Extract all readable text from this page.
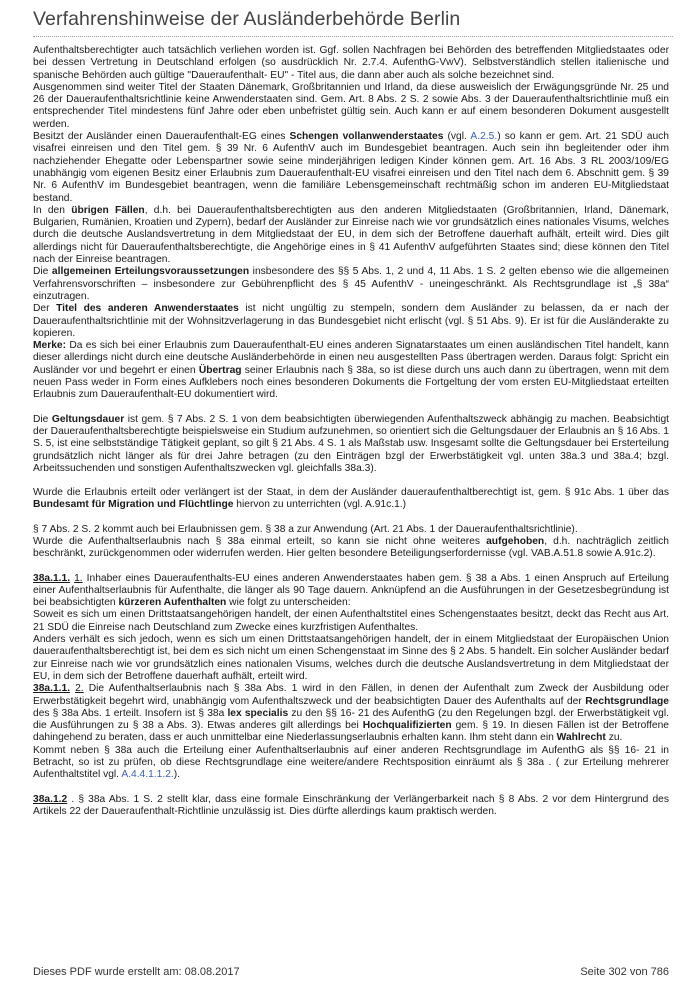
Verfahrenshinweise der Ausländerbehörde Berlin

Aufenthaltsberechtigter auch tatsächlich verliehen worden ist. Ggf. sollen Nachfragen bei Behörden des betreffenden Mitgliedstaates oder bei dessen Vertretung in Deutschland erfolgen (so ausdrücklich Nr. 2.7.4. AufenthG-VwV). Selbstverständlich stellen italienische und spanische Behörden auch gültige "Daueraufenthalt- EU" - Titel aus, die dann aber auch als solche bezeichnet sind.

Ausgenommen sind weiter Titel der Staaten Dänemark, Großbritannien und Irland, da diese ausweislich der Erwägungsgründe Nr. 25 und 26 der Daueraufenthaltsrichtlinie keine Anwenderstaaten sind. Gem. Art. 8 Abs. 2 S. 2 sowie Abs. 3 der Daueraufenthaltsrichtlinie muß ein entsprechender Titel mindestens fünf Jahre oder eben unbefristet gültig sein. Auch kann er auf einem besonderen Dokument ausgestellt werden.

Besitzt der Ausländer einen Daueraufenthalt-EG eines Schengen vollanwenderstaates (vgl. A.2.5.) so kann er gem. Art. 21 SDÜ auch visafrei einreisen und den Titel gem. § 39 Nr. 6 AufenthV auch im Bundesgebiet beantragen. Auch sein ihn begleitender oder ihm nachziehender Ehegatte oder Lebenspartner sowie seine minderjährigen ledigen Kinder können gem. Art. 16 Abs. 3 RL 2003/109/EG unabhängig vom eigenen Besitz einer Erlaubnis zum Daueraufenthalt-EU visafrei einreisen und den Titel nach dem 6. Abschnitt gem. § 39 Nr. 6 AufenthV im Bundesgebiet beantragen, wenn die familiäre Lebensgemeinschaft rechtmäßig schon im anderen EU-Mitgliedstaat bestand.

In den übrigen Fällen, d.h. bei Daueraufenthaltsberechtigten aus den anderen Mitgliedstaaten (Großbritannien, Irland, Dänemark, Bulgarien, Rumänien, Kroatien und Zypern), bedarf der Ausländer zur Einreise nach wie vor grundsätzlich eines nationales Visums, welches durch die deutsche Auslandsvertretung in dem Mitgliedstaat der EU, in dem sich der Betroffene dauerhaft aufhält, erteilt wird. Dies gilt allerdings nicht für Daueraufenthaltsberechtigte, die Angehörige eines in § 41 AufenthV aufgeführten Staates sind; diese können den Titel nach der Einreise beantragen.

Die allgemeinen Erteilungsvoraussetzungen insbesondere des §§ 5 Abs. 1, 2 und 4, 11 Abs. 1 S. 2 gelten ebenso wie die allgemeinen Verfahrensvorschriften – insbesondere zur Gebührenpflicht des § 45 AufenthV - uneingeschränkt. Als Rechtsgrundlage ist „§ 38a“ einzutragen.

Der Titel des anderen Anwenderstaates ist nicht ungültig zu stempeln, sondern dem Ausländer zu belassen, da er nach der Daueraufenthaltsrichtlinie mit der Wohnsitzverlagerung in das Bundesgebiet nicht erlischt (vgl. § 51 Abs. 9). Er ist für die Ausländerakte zu kopieren.

Merke: Da es sich bei einer Erlaubnis zum Daueraufenthalt-EU eines anderen Signatarstaates um einen ausländischen Titel handelt, kann dieser allerdings nicht durch eine deutsche Ausländerbehörde in einen neu ausgestellten Pass übertragen werden. Daraus folgt: Spricht ein Ausländer vor und begehrt er einen Übertrag seiner Erlaubnis nach § 38a, so ist diese durch uns auch dann zu übertragen, wenn mit dem neuen Pass weder in Form eines Aufklebers noch eines besonderen Dokuments die Fortgeltung der vom ersten EU-Mitgliedstaat erteilten Erlaubnis zum Daueraufenthalt-EU dokumentiert wird.

Die Geltungsdauer ist gem. § 7 Abs. 2 S. 1 von dem beabsichtigten überwiegenden Aufenthaltszweck abhängig zu machen. Beabsichtigt der Daueraufenthaltsberechtigte beispielsweise ein Studium aufzunehmen, so orientiert sich die Geltungsdauer der Erlaubnis an § 16 Abs. 1 S. 5, ist eine selbstständige Tätigkeit geplant, so gilt § 21 Abs. 4 S. 1 als Maßstab usw. Insgesamt sollte die Geltungsdauer bei Ersterteilung grundsätzlich nicht länger als für drei Jahre betragen (zu den Einträgen bzgl der Erwerbstätigkeit vgl. unten 38a.3 und 38a.4; bzgl. Arbeitssuchenden und sonstigen Aufenthaltszwecken vgl. gleichfalls 38a.3).

Wurde die Erlaubnis erteilt oder verlängert ist der Staat, in dem der Ausländer daueraufenthaltberechtigt ist, gem. § 91c Abs. 1 über das Bundesamt für Migration und Flüchtlinge hiervon zu unterrichten (vgl. A.91c.1.)

§ 7 Abs. 2 S. 2 kommt auch bei Erlaubnissen gem. § 38 a zur Anwendung (Art. 21 Abs. 1 der Daueraufenthaltsrichtlinie).

Wurde die Aufenthaltserlaubnis nach § 38a einmal erteilt, so kann sie nicht ohne weiteres aufgehoben, d.h. nachträglich zeitlich beschränkt, zurückgenommen oder widerrufen werden. Hier gelten besondere Beteiligungserfordernisse (vgl. VAB.A.51.8 sowie A.91c.2).

38a.1.1. 1. Inhaber eines Daueraufenthalts-EU eines anderen Anwenderstaates haben gem. § 38 a Abs. 1 einen Anspruch auf Erteilung einer Aufenthaltserlaubnis für Aufenthalte, die länger als 90 Tage dauern. Anknüpfend an die Ausführungen in der Gesetzesbegründung ist bei beabsichtigten kürzeren Aufenthalten wie folgt zu unterscheiden:

Soweit es sich um einen Drittstaatsangehörigen handelt, der einen Aufenthaltstitel eines Schengenstaates besitzt, deckt das Recht aus Art. 21 SDÜ die Einreise nach Deutschland zum Zwecke eines kurzfristigen Aufenthaltes.

Anders verhält es sich jedoch, wenn es sich um einen Drittstaatsangehörigen handelt, der in einem Mitgliedstaat der Europäischen Union daueraufenthaltsberechtigt ist, bei dem es sich nicht um einen Schengenstaat im Sinne des § 2 Abs. 5 handelt. Ein solcher Ausländer bedarf zur Einreise nach wie vor grundsätzlich eines nationalen Visums, welches durch die deutsche Auslandsvertretung in dem Mitgliedstaat der EU, in dem sich der Betroffene dauerhaft aufhält, erteilt wird.

38a.1.1. 2. Die Aufenthaltserlaubnis nach § 38a Abs. 1 wird in den Fällen, in denen der Aufenthalt zum Zweck der Ausbildung oder Erwerbstätigkeit begehrt wird, unabhängig vom Aufenthaltszweck und der beabsichtigten Dauer des Aufenthalts auf der Rechtsgrundlage des § 38a Abs. 1 erteilt. Insofern ist § 38a lex specialis zu den §§ 16- 21 des AufenthG (zu den Regelungen bzgl. der Erwerbstätigkeit vgl. die Ausführungen zu § 38 a Abs. 3). Etwas anderes gilt allerdings bei Hochqualifizierten gem. § 19. In diesen Fällen ist der Betroffene dahingehend zu beraten, dass er auch unmittelbar eine Niederlassungserlaubnis erhalten kann. Ihm steht dann ein Wahlrecht zu.

Kommt neben § 38a auch die Erteilung einer Aufenthaltserlaubnis auf einer anderen Rechtsgrundlage im AufenthG als §§ 16- 21 in Betracht, so ist zu prüfen, ob diese Rechtsgrundlage eine weitere/andere Rechtsposition einräumt als § 38a . ( zur Erteilung mehrerer Aufenthaltstitel vgl. A.4.4.1.1.2.).

38a.1.2 . § 38a Abs. 1 S. 2 stellt klar, dass eine formale Einschränkung der Verlängerbarkeit nach § 8 Abs. 2 vor dem Hintergrund des Artikels 22 der Daueraufenthalt-Richtlinie unzulässig ist. Dies dürfte allerdings kaum praktisch werden.

Dieses PDF wurde erstellt am: 08.08.2017	Seite 302 von 786
